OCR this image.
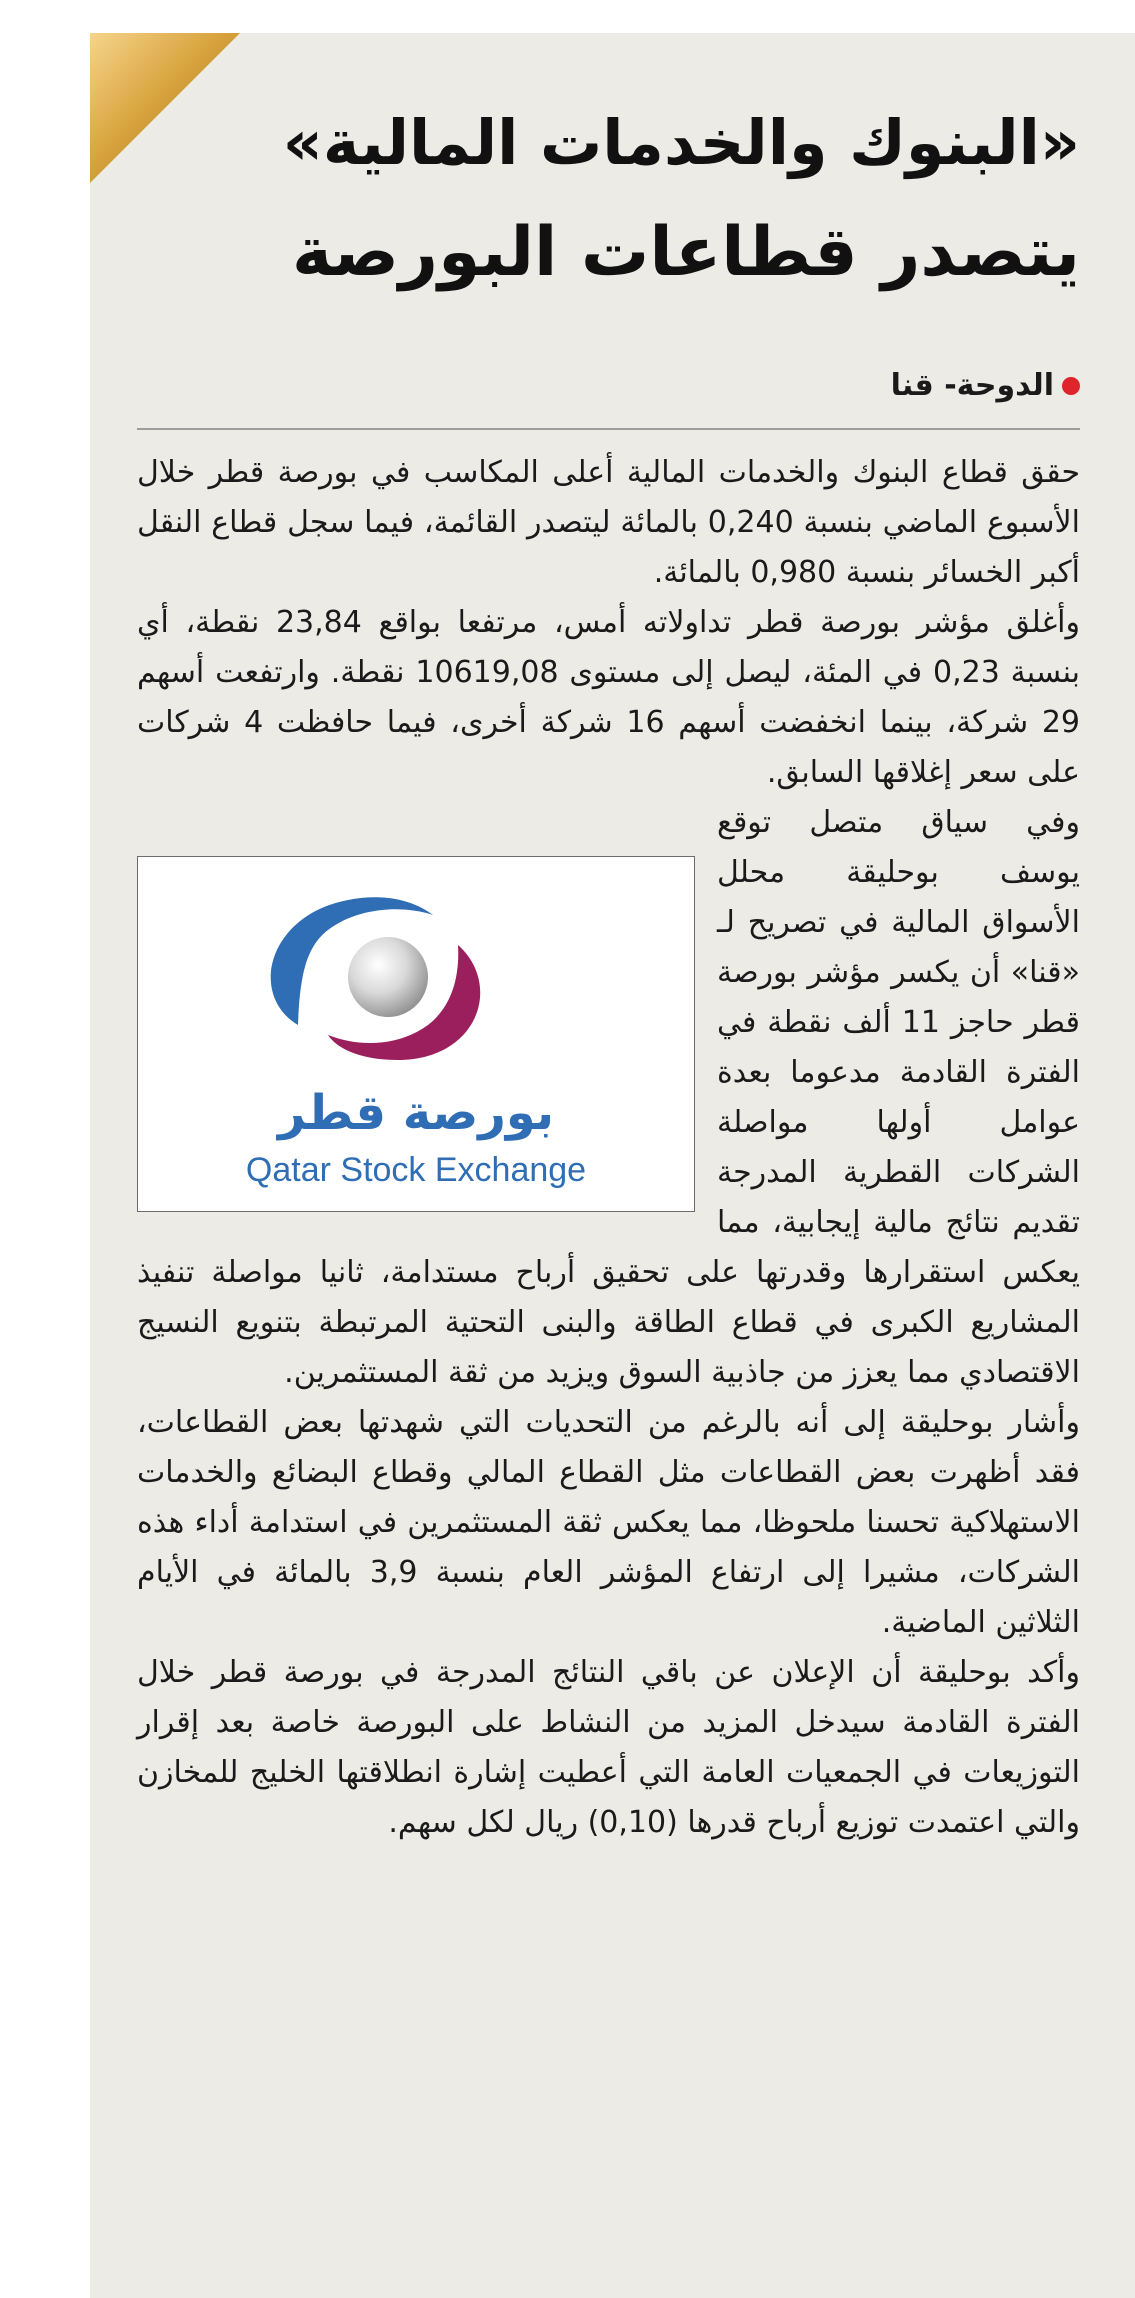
«البنوك والخدمات المالية»
يتصدر قطاعات البورصة
الدوحة- قنا

حقق قطاع البنوك والخدمات المالية أعلى المكاسب في بورصة قطر خلال الأسبوع الماضي بنسبة 0,240 بالمائة ليتصدر القائمة، فيما سجل قطاع النقل أكبر الخسائر بنسبة 0,980 بالمائة.

وأغلق مؤشر بورصة قطر تداولاته أمس، مرتفعا بواقع 23,84 نقطة، أي بنسبة 0,23 في المئة، ليصل إلى مستوى 10619,08 نقطة. وارتفعت أسهم 29 شركة، بينما انخفضت أسهم 16 شركة أخرى، فيما حافظت 4 شركات على سعر إغلاقها السابق.

بورصة قطر
Qatar Stock Exchange

وفي سياق متصل توقع يوسف بوحليقة محلل الأسواق المالية في تصريح لـ «قنا» أن يكسر مؤشر بورصة قطر حاجز 11 ألف نقطة في الفترة القادمة مدعوما بعدة عوامل أولها مواصلة الشركات القطرية المدرجة تقديم نتائج مالية إيجابية، مما يعكس استقرارها وقدرتها على تحقيق أرباح مستدامة، ثانيا مواصلة تنفيذ المشاريع الكبرى في قطاع الطاقة والبنى التحتية المرتبطة بتنويع النسيج الاقتصادي مما يعزز من جاذبية السوق ويزيد من ثقة المستثمرين.

وأشار بوحليقة إلى أنه بالرغم من التحديات التي شهدتها بعض القطاعات، فقد أظهرت بعض القطاعات مثل القطاع المالي وقطاع البضائع والخدمات الاستهلاكية تحسنا ملحوظا، مما يعكس ثقة المستثمرين في استدامة أداء هذه الشركات، مشيرا إلى ارتفاع المؤشر العام بنسبة 3,9 بالمائة في الأيام الثلاثين الماضية.

وأكد بوحليقة أن الإعلان عن باقي النتائج المدرجة في بورصة قطر خلال الفترة القادمة سيدخل المزيد من النشاط على البورصة خاصة بعد إقرار التوزيعات في الجمعيات العامة التي أعطيت إشارة انطلاقتها الخليج للمخازن والتي اعتمدت توزيع أرباح قدرها (0,10) ريال لكل سهم.
